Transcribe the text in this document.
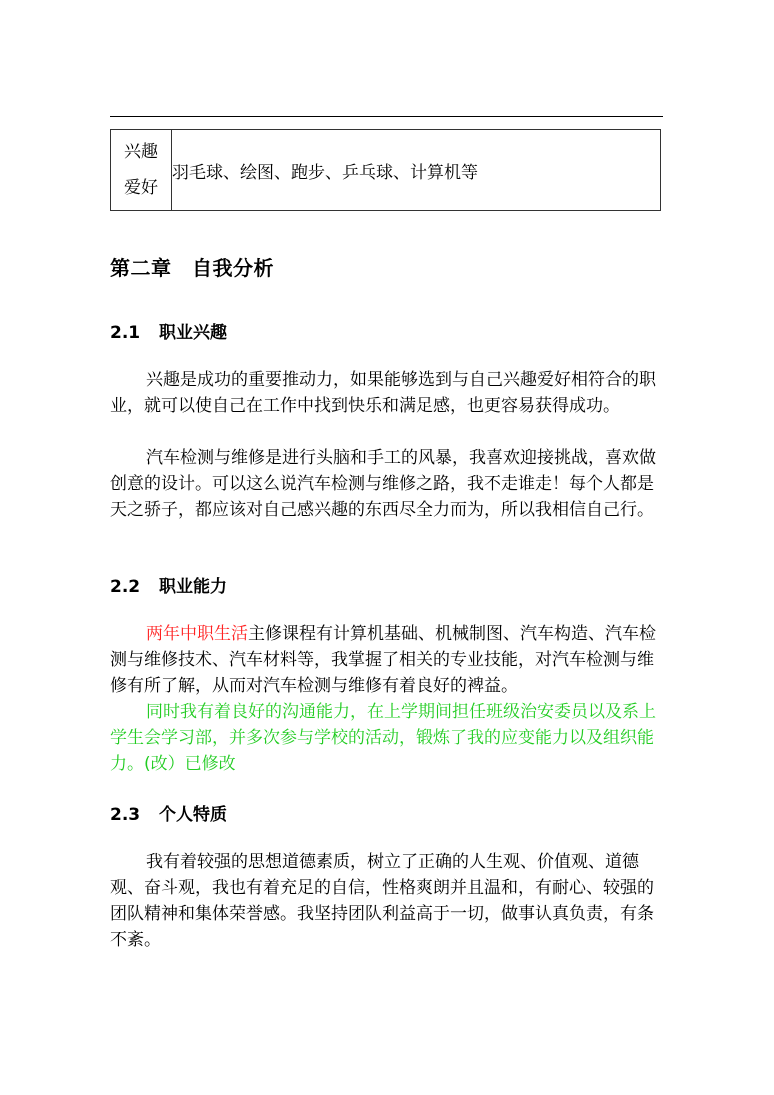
兴趣
爱好
	羽毛球、绘图、跑步、乒乓球、计算机等
第二章　自我分析
2.1 职业兴趣

兴趣是成功的重要推动力，如果能够选到与自己兴趣爱好相符合的职业，就可以使自己在工作中找到快乐和满足感，也更容易获得成功。

汽车检测与维修是进行头脑和手工的风暴，我喜欢迎接挑战，喜欢做创意的设计。可以这么说汽车检测与维修之路，我不走谁走！每个人都是天之骄子，都应该对自己感兴趣的东西尽全力而为，所以我相信自己行。

2.2 职业能力

两年中职生活主修课程有计算机基础、机械制图、汽车构造、汽车检测与维修技术、汽车材料等，我掌握了相关的专业技能，对汽车检测与维修有所了解，从而对汽车检测与维修有着良好的裨益。

同时我有着良好的沟通能力，在上学期间担任班级治安委员以及系上学生会学习部，并多次参与学校的活动，锻炼了我的应变能力以及组织能力。(改）已修改

2.3 个人特质

我有着较强的思想道德素质，树立了正确的人生观、价值观、道德观、奋斗观，我也有着充足的自信，性格爽朗并且温和，有耐心、较强的团队精神和集体荣誉感。我坚持团队利益高于一切，做事认真负责，有条不紊。
